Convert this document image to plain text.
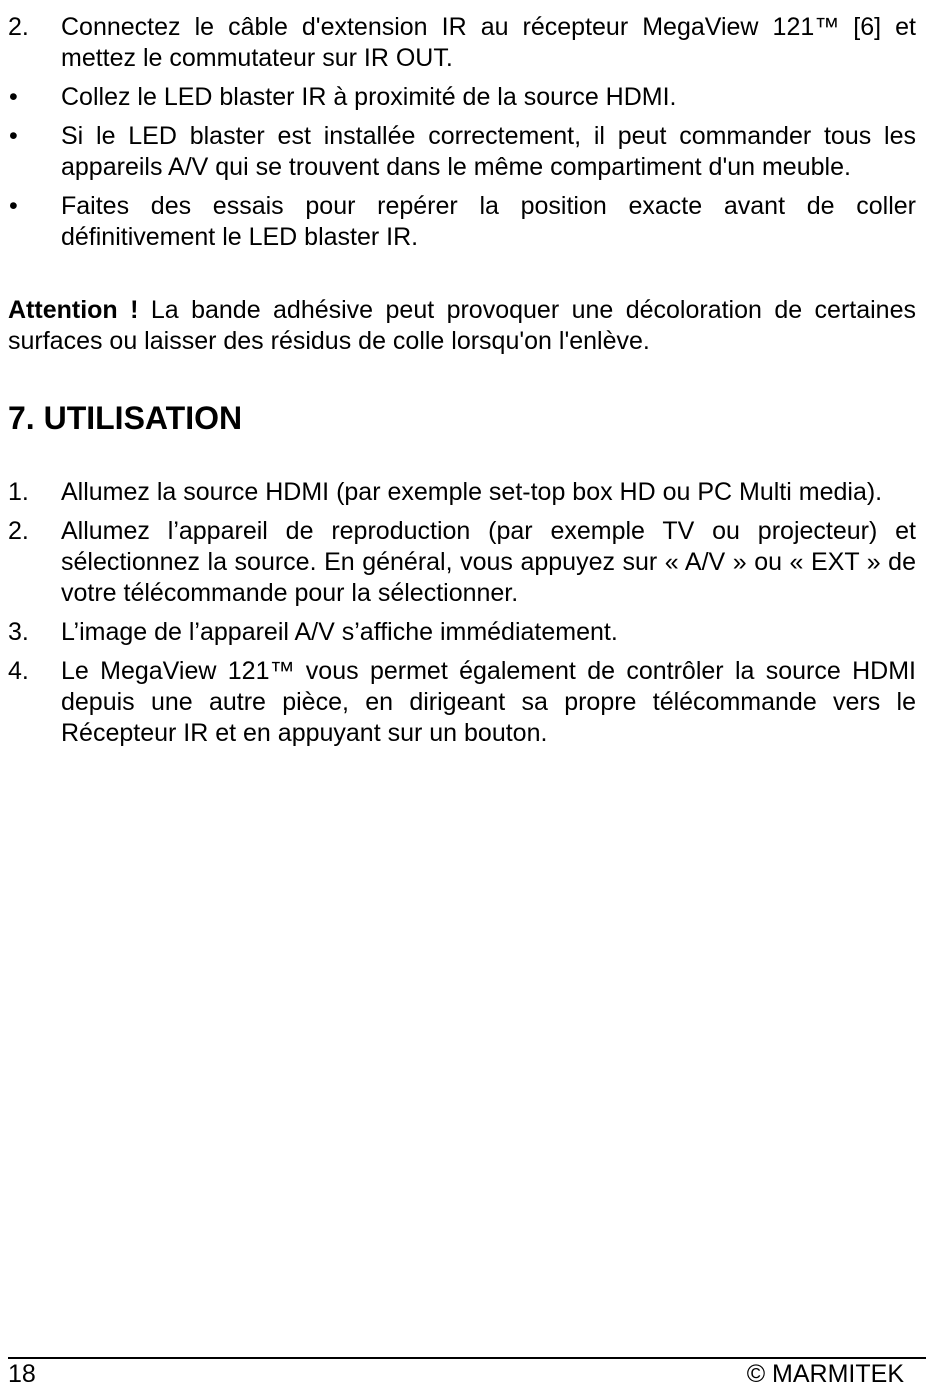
2. Connectez le câble d'extension IR au récepteur MegaView 121™ [6] et mettez le commutateur sur IR OUT.
• Collez le LED blaster IR à proximité de la source HDMI.
• Si le LED blaster est installée correctement, il peut commander tous les appareils A/V qui se trouvent dans le même compartiment d'un meuble.
• Faites des essais pour repérer la position exacte avant de coller définitivement le LED blaster IR.

Attention ! La bande adhésive peut provoquer une décoloration de certaines surfaces ou laisser des résidus de colle lorsqu'on l'enlève.

7. UTILISATION
1. Allumez la source HDMI (par exemple set-top box HD ou PC Multi media).
2. Allumez l’appareil de reproduction (par exemple TV ou projecteur) et sélectionnez la source. En général, vous appuyez sur « A/V » ou « EXT » de votre télécommande pour la sélectionner.
3. L’image de l’appareil A/V s’affiche immédiatement.
4. Le MegaView 121™ vous permet également de contrôler la source HDMI depuis une autre pièce, en dirigeant sa propre télécommande vers le Récepteur IR et en appuyant sur un bouton.
18	© MARMITEK
